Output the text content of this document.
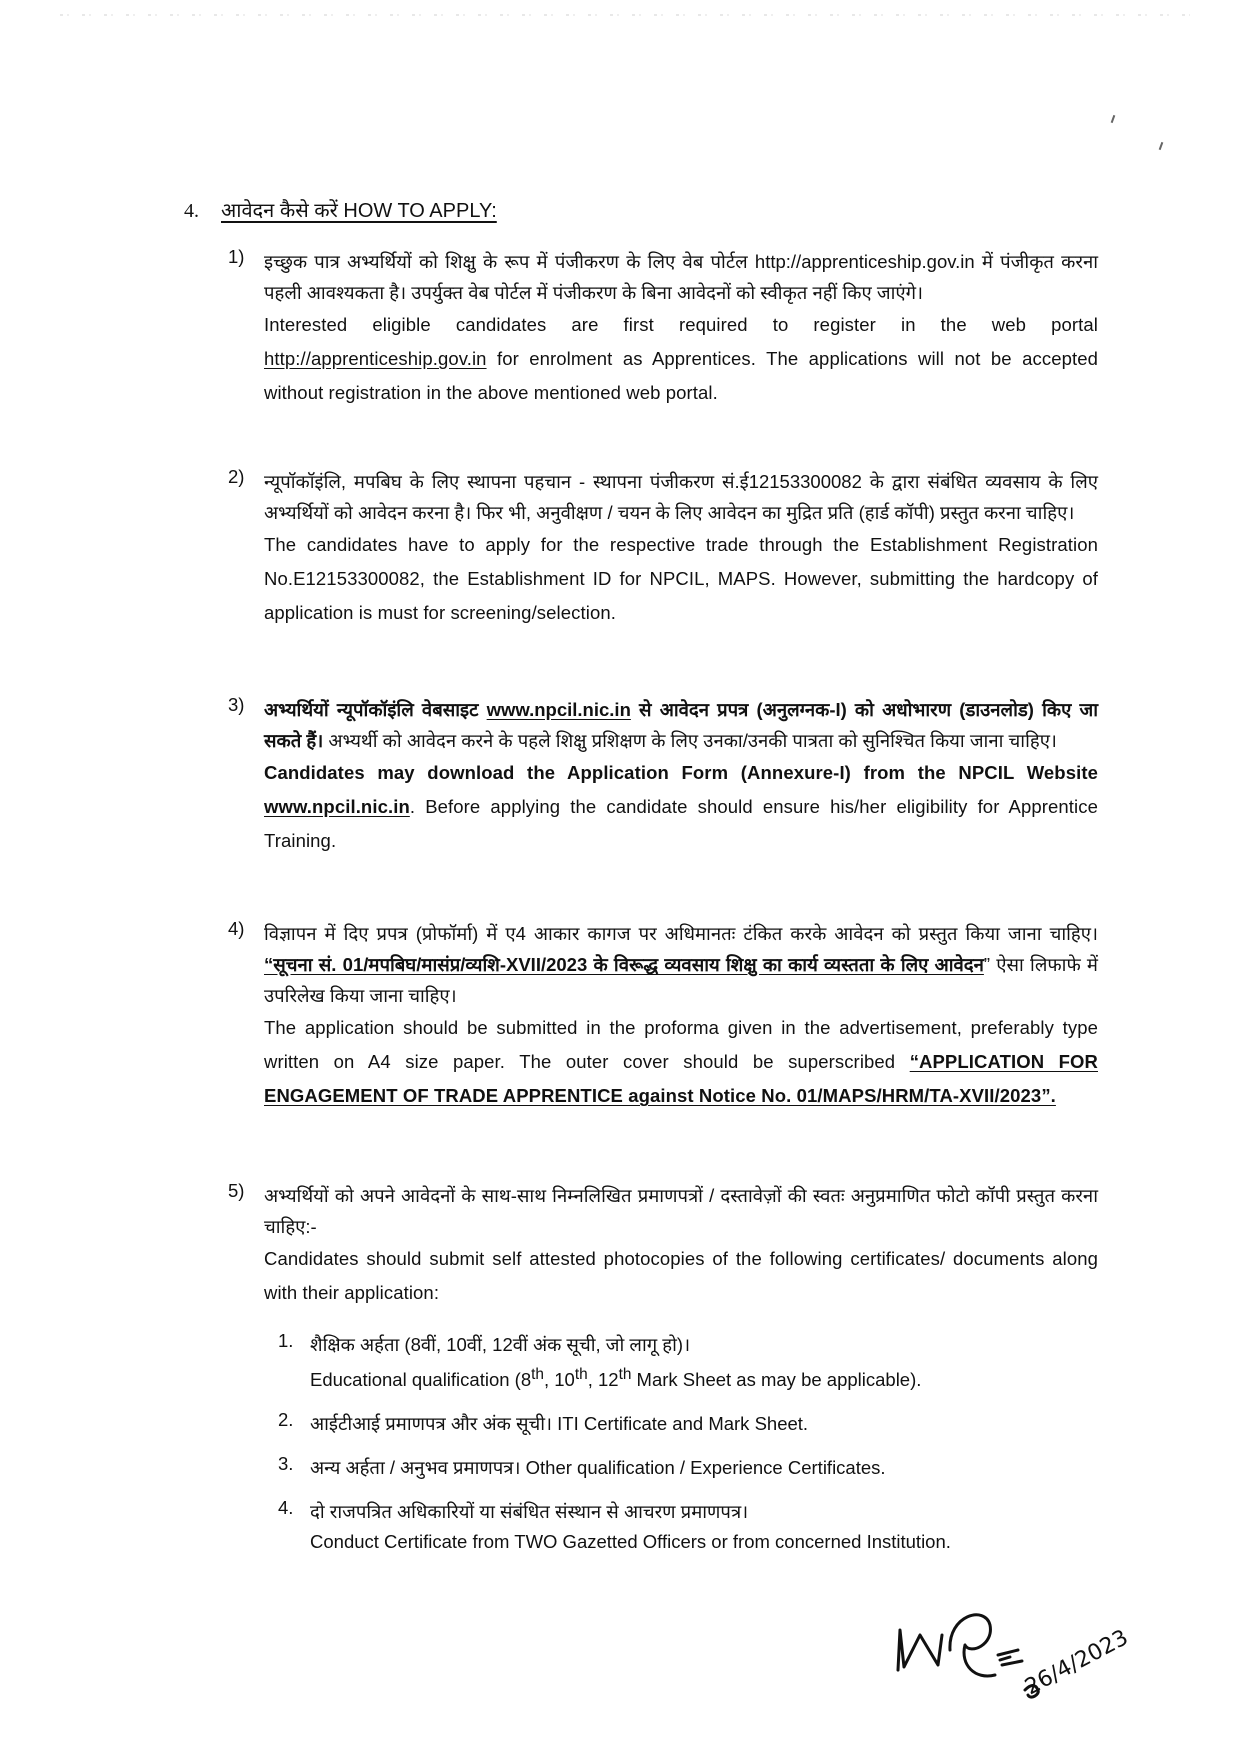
4. आवेदन कैसे करें HOW TO APPLY:
1) इच्छुक पात्र अभ्यर्थियों को शिक्षु के रूप में पंजीकरण के लिए वेब पोर्टल http://apprenticeship.gov.in में पंजीकृत करना पहली आवश्यकता है। उपर्युक्त वेब पोर्टल में पंजीकरण के बिना आवेदनों को स्वीकृत नहीं किए जाएंगे।

Interested eligible candidates are first required to register in the web portal http://apprenticeship.gov.in for enrolment as Apprentices. The applications will not be accepted without registration in the above mentioned web portal.

2) न्यूपॉकॉइंलि, मपबिघ के लिए स्थापना पहचान - स्थापना पंजीकरण सं.ई12153300082 के द्वारा संबंधित व्यवसाय के लिए अभ्यर्थियों को आवेदन करना है। फिर भी, अनुवीक्षण / चयन के लिए आवेदन का मुद्रित प्रति (हार्ड कॉपी) प्रस्तुत करना चाहिए।

The candidates have to apply for the respective trade through the Establishment Registration No.E12153300082, the Establishment ID for NPCIL, MAPS. However, submitting the hardcopy of application is must for screening/selection.

3) अभ्यर्थियों न्यूपॉकॉइंलि वेबसाइट www.npcil.nic.in से आवेदन प्रपत्र (अनुलग्नक-I) को अधोभारण (डाउनलोड) किए जा सकते हैं। अभ्यर्थी को आवेदन करने के पहले शिक्षु प्रशिक्षण के लिए उनका/उनकी पात्रता को सुनिश्चित किया जाना चाहिए।

Candidates may download the Application Form (Annexure-I) from the NPCIL Website www.npcil.nic.in. Before applying the candidate should ensure his/her eligibility for Apprentice Training.

4) विज्ञापन में दिए प्रपत्र (प्रोफॉर्मा) में ए4 आकार कागज पर अधिमानतः टंकित करके आवेदन को प्रस्तुत किया जाना चाहिए। “सूचना सं. 01/मपबिघ/मासंप्र/व्यशि-XVII/2023 के विरूद्ध व्यवसाय शिक्षु का कार्य व्यस्तता के लिए आवेदन” ऐसा लिफाफे में उपरिलेख किया जाना चाहिए।

The application should be submitted in the proforma given in the advertisement, preferably type written on A4 size paper. The outer cover should be superscribed “APPLICATION FOR ENGAGEMENT OF TRADE APPRENTICE against Notice No. 01/MAPS/HRM/TA-XVII/2023”.

5) अभ्यर्थियों को अपने आवेदनों के साथ-साथ निम्नलिखित प्रमाणपत्रों / दस्तावेज़ों की स्वतः अनुप्रमाणित फोटो कॉपी प्रस्तुत करना चाहिए:-

Candidates should submit self attested photocopies of the following certificates/ documents along with their application:

1. शैक्षिक अर्हता (8वीं, 10वीं, 12वीं अंक सूची, जो लागू हो)।
Educational qualification (8th, 10th, 12th Mark Sheet as may be applicable).
2. आईटीआई प्रमाणपत्र और अंक सूची। ITI Certificate and Mark Sheet.
3. अन्य अर्हता / अनुभव प्रमाणपत्र। Other qualification / Experience Certificates.
4. दो राजपत्रित अधिकारियों या संबंधित संस्थान से आचरण प्रमाणपत्र।
Conduct Certificate from TWO Gazetted Officers or from concerned Institution.
26/4/2023
